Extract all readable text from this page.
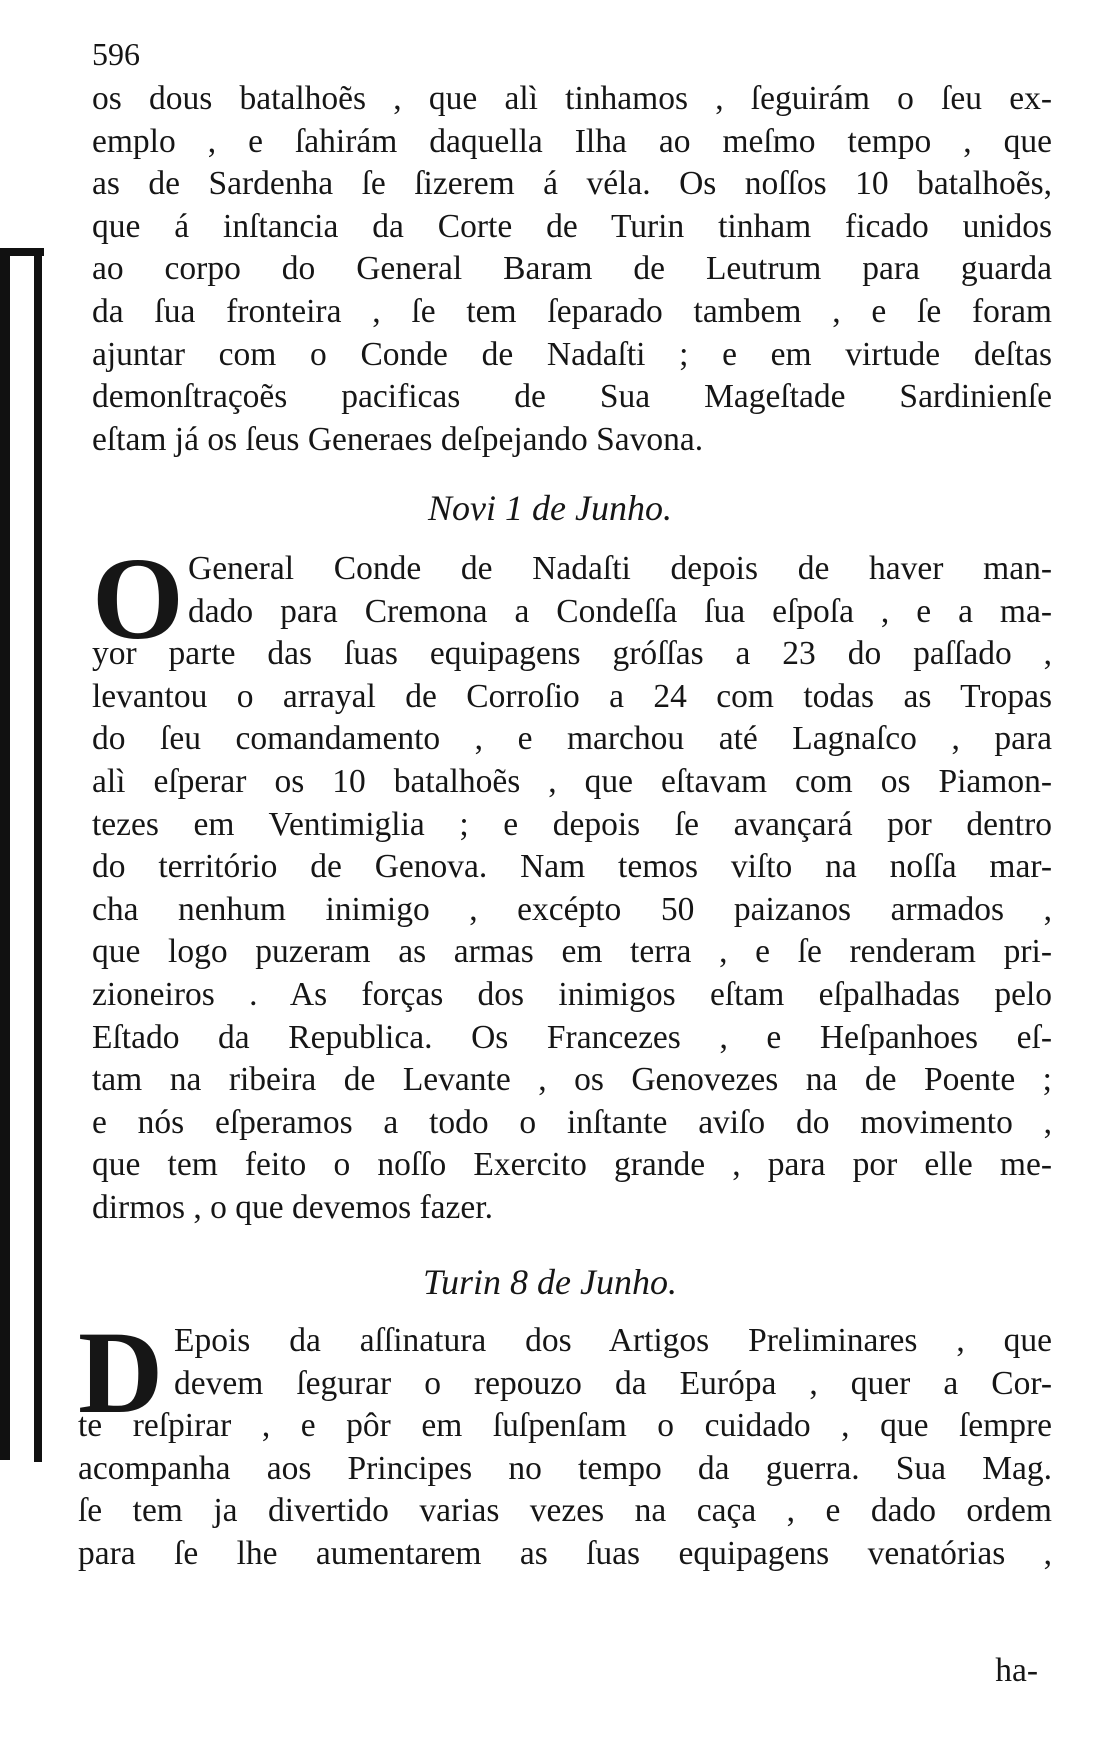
596
os dous batalhoẽs , que alì tinhamos , ſeguirám o ſeu ex-
emplo , e ſahirám daquella Ilha ao meſmo tempo , que
as de Sardenha ſe ſizerem á véla. Os noſſos 10 batalhoẽs,
que á inſtancia da Corte de Turin tinham ficado unidos
ao corpo do General Baram de Leutrum para guarda
da ſua fronteira , ſe tem ſeparado tambem , e ſe foram
ajuntar com o Conde de Nadaſti ; e em virtude deſtas
demonſtraçoẽs pacificas de Sua Mageſtade Sardinienſe
eſtam já os ſeus Generaes deſpejando Savona.
Novi 1 de Junho.
O General Conde de Nadaſti depois de haver man-
dado para Cremona a Condeſſa ſua eſpoſa , e a ma-
yor parte das ſuas equipagens gróſſas a 23 do paſſado ,
levantou o arrayal de Corroſio a 24 com todas as Tropas
do ſeu comandamento , e marchou até Lagnaſco , para
alì eſperar os 10 batalhoẽs , que eſtavam com os Piamon-
tezes em Ventimiglia ; e depois ſe avançará por dentro
do território de Genova. Nam temos viſto na noſſa mar-
cha nenhum inimigo , excépto 50 paizanos armados ,
que logo puzeram as armas em terra , e ſe renderam pri-
zioneiros . As forças dos inimigos eſtam eſpalhadas pelo
Eſtado da Republica. Os Francezes , e Heſpanhoes eſ-
tam na ribeira de Levante , os Genovezes na de Poente ;
e nós eſperamos a todo o inſtante aviſo do movimento ,
que tem feito o noſſo Exercito grande , para por elle me-
dirmos , o que devemos fazer.
Turin 8 de Junho.
D Epois da aſſinatura dos Artigos Preliminares , que
devem ſegurar o repouzo da Európa , quer a Cor-
te reſpirar , e pôr em ſuſpenſam o cuidado , que ſempre
acompanha aos Principes no tempo da guerra. Sua Mag.
ſe tem ja divertido varias vezes na caça , e dado ordem
para ſe lhe aumentarem as ſuas equipagens venatórias ,
ha-
